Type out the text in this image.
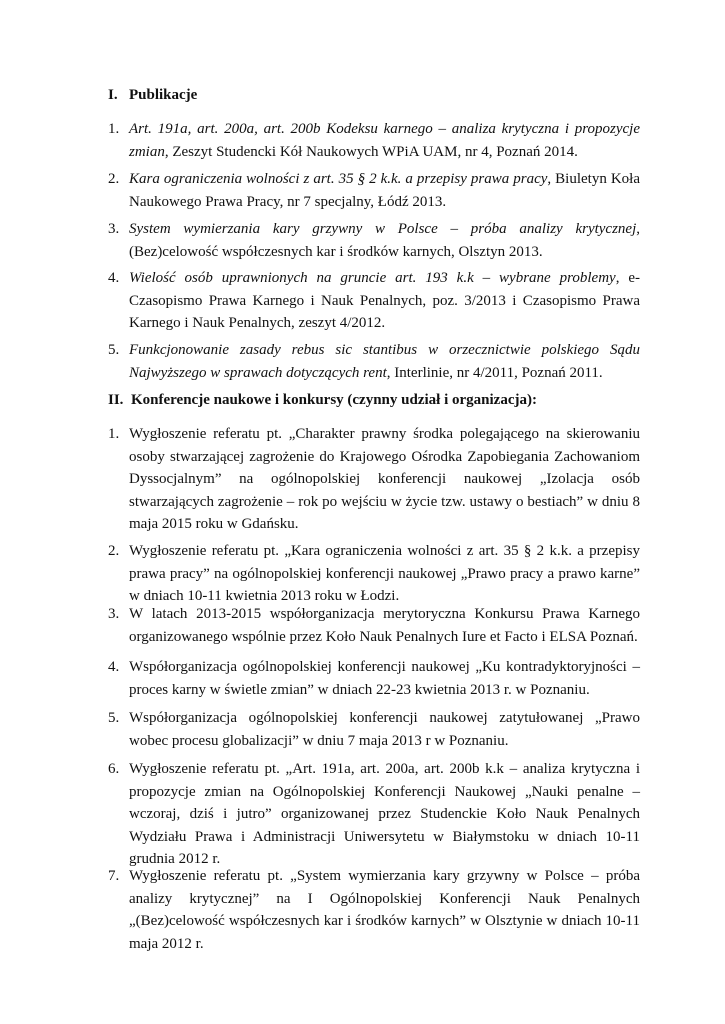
I. Publikacje
1. Art. 191a, art. 200a, art. 200b Kodeksu karnego – analiza krytyczna i propozycje zmian, Zeszyt Studencki Kół Naukowych WPiA UAM, nr 4, Poznań 2014.
2. Kara ograniczenia wolności z art. 35 § 2 k.k. a przepisy prawa pracy, Biuletyn Koła Naukowego Prawa Pracy, nr 7 specjalny, Łódź 2013.
3. System wymierzania kary grzywny w Polsce – próba analizy krytycznej, (Bez)celowość współczesnych kar i środków karnych, Olsztyn 2013.
4. Wielość osób uprawnionych na gruncie art. 193 k.k – wybrane problemy, e-Czasopismo Prawa Karnego i Nauk Penalnych, poz. 3/2013 i Czasopismo Prawa Karnego i Nauk Penalnych, zeszyt 4/2012.
5. Funkcjonowanie zasady rebus sic stantibus w orzecznictwie polskiego Sądu Najwyższego w sprawach dotyczących rent, Interlinie, nr 4/2011, Poznań 2011.
II. Konferencje naukowe i konkursy (czynny udział i organizacja):
1. Wygłoszenie referatu pt. „Charakter prawny środka polegającego na skierowaniu osoby stwarzającej zagrożenie do Krajowego Ośrodka Zapobiegania Zachowaniom Dyssocjalnym” na ogólnopolskiej konferencji naukowej „Izolacja osób stwarzających zagrożenie – rok po wejściu w życie tzw. ustawy o bestiach” w dniu 8 maja 2015 roku w Gdańsku.
2. Wygłoszenie referatu pt. „Kara ograniczenia wolności z art. 35 § 2 k.k. a przepisy prawa pracy” na ogólnopolskiej konferencji naukowej „Prawo pracy a prawo karne” w dniach 10-11 kwietnia 2013 roku w Łodzi.
3. W latach 2013-2015 współorganizacja merytoryczna Konkursu Prawa Karnego organizowanego wspólnie przez Koło Nauk Penalnych Iure et Facto i ELSA Poznań.
4. Współorganizacja ogólnopolskiej konferencji naukowej „Ku kontradyktoryjności – proces karny w świetle zmian” w dniach 22-23 kwietnia 2013 r. w Poznaniu.
5. Współorganizacja ogólnopolskiej konferencji naukowej zatytułowanej „Prawo wobec procesu globalizacji” w dniu 7 maja 2013 r w Poznaniu.
6. Wygłoszenie referatu pt. „Art. 191a, art. 200a, art. 200b k.k – analiza krytyczna i propozycje zmian na Ogólnopolskiej Konferencji Naukowej „Nauki penalne – wczoraj, dziś i jutro” organizowanej przez Studenckie Koło Nauk Penalnych Wydziału Prawa i Administracji Uniwersytetu w Białymstoku w dniach 10-11 grudnia 2012 r.
7. Wygłoszenie referatu pt. „System wymierzania kary grzywny w Polsce – próba analizy krytycznej” na I Ogólnopolskiej Konferencji Nauk Penalnych „(Bez)celowość współczesnych kar i środków karnych” w Olsztynie w dniach 10-11 maja 2012 r.
